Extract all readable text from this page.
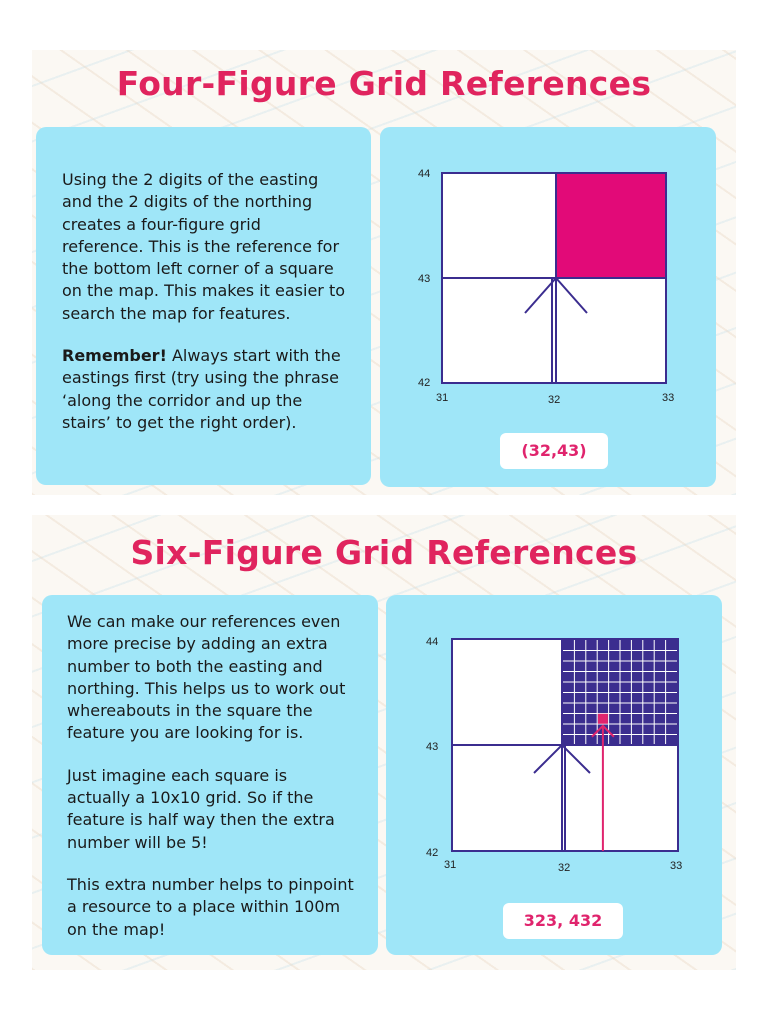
Four-Figure Grid References

Using the 2 digits of the easting and the 2 digits of the northing creates a four-figure grid reference. This is the reference for the bottom left corner of a square on the map. This makes it easier to search the map for features.

Remember! Always start with the eastings first (try using the phrase ‘along the corridor and up the stairs’ to get the right order).

44
43
42
31	32	33
(32,43)
Six-Figure Grid References

We can make our references even more precise by adding an extra number to both the easting and northing. This helps us to work out whereabouts in the square the feature you are looking for is.

Just imagine each square is actually a 10x10 grid. So if the feature is half way then the extra number will be 5!

This extra number helps to pinpoint a resource to a place within 100m on the map!

44
43
42
31	32	33
323, 432
